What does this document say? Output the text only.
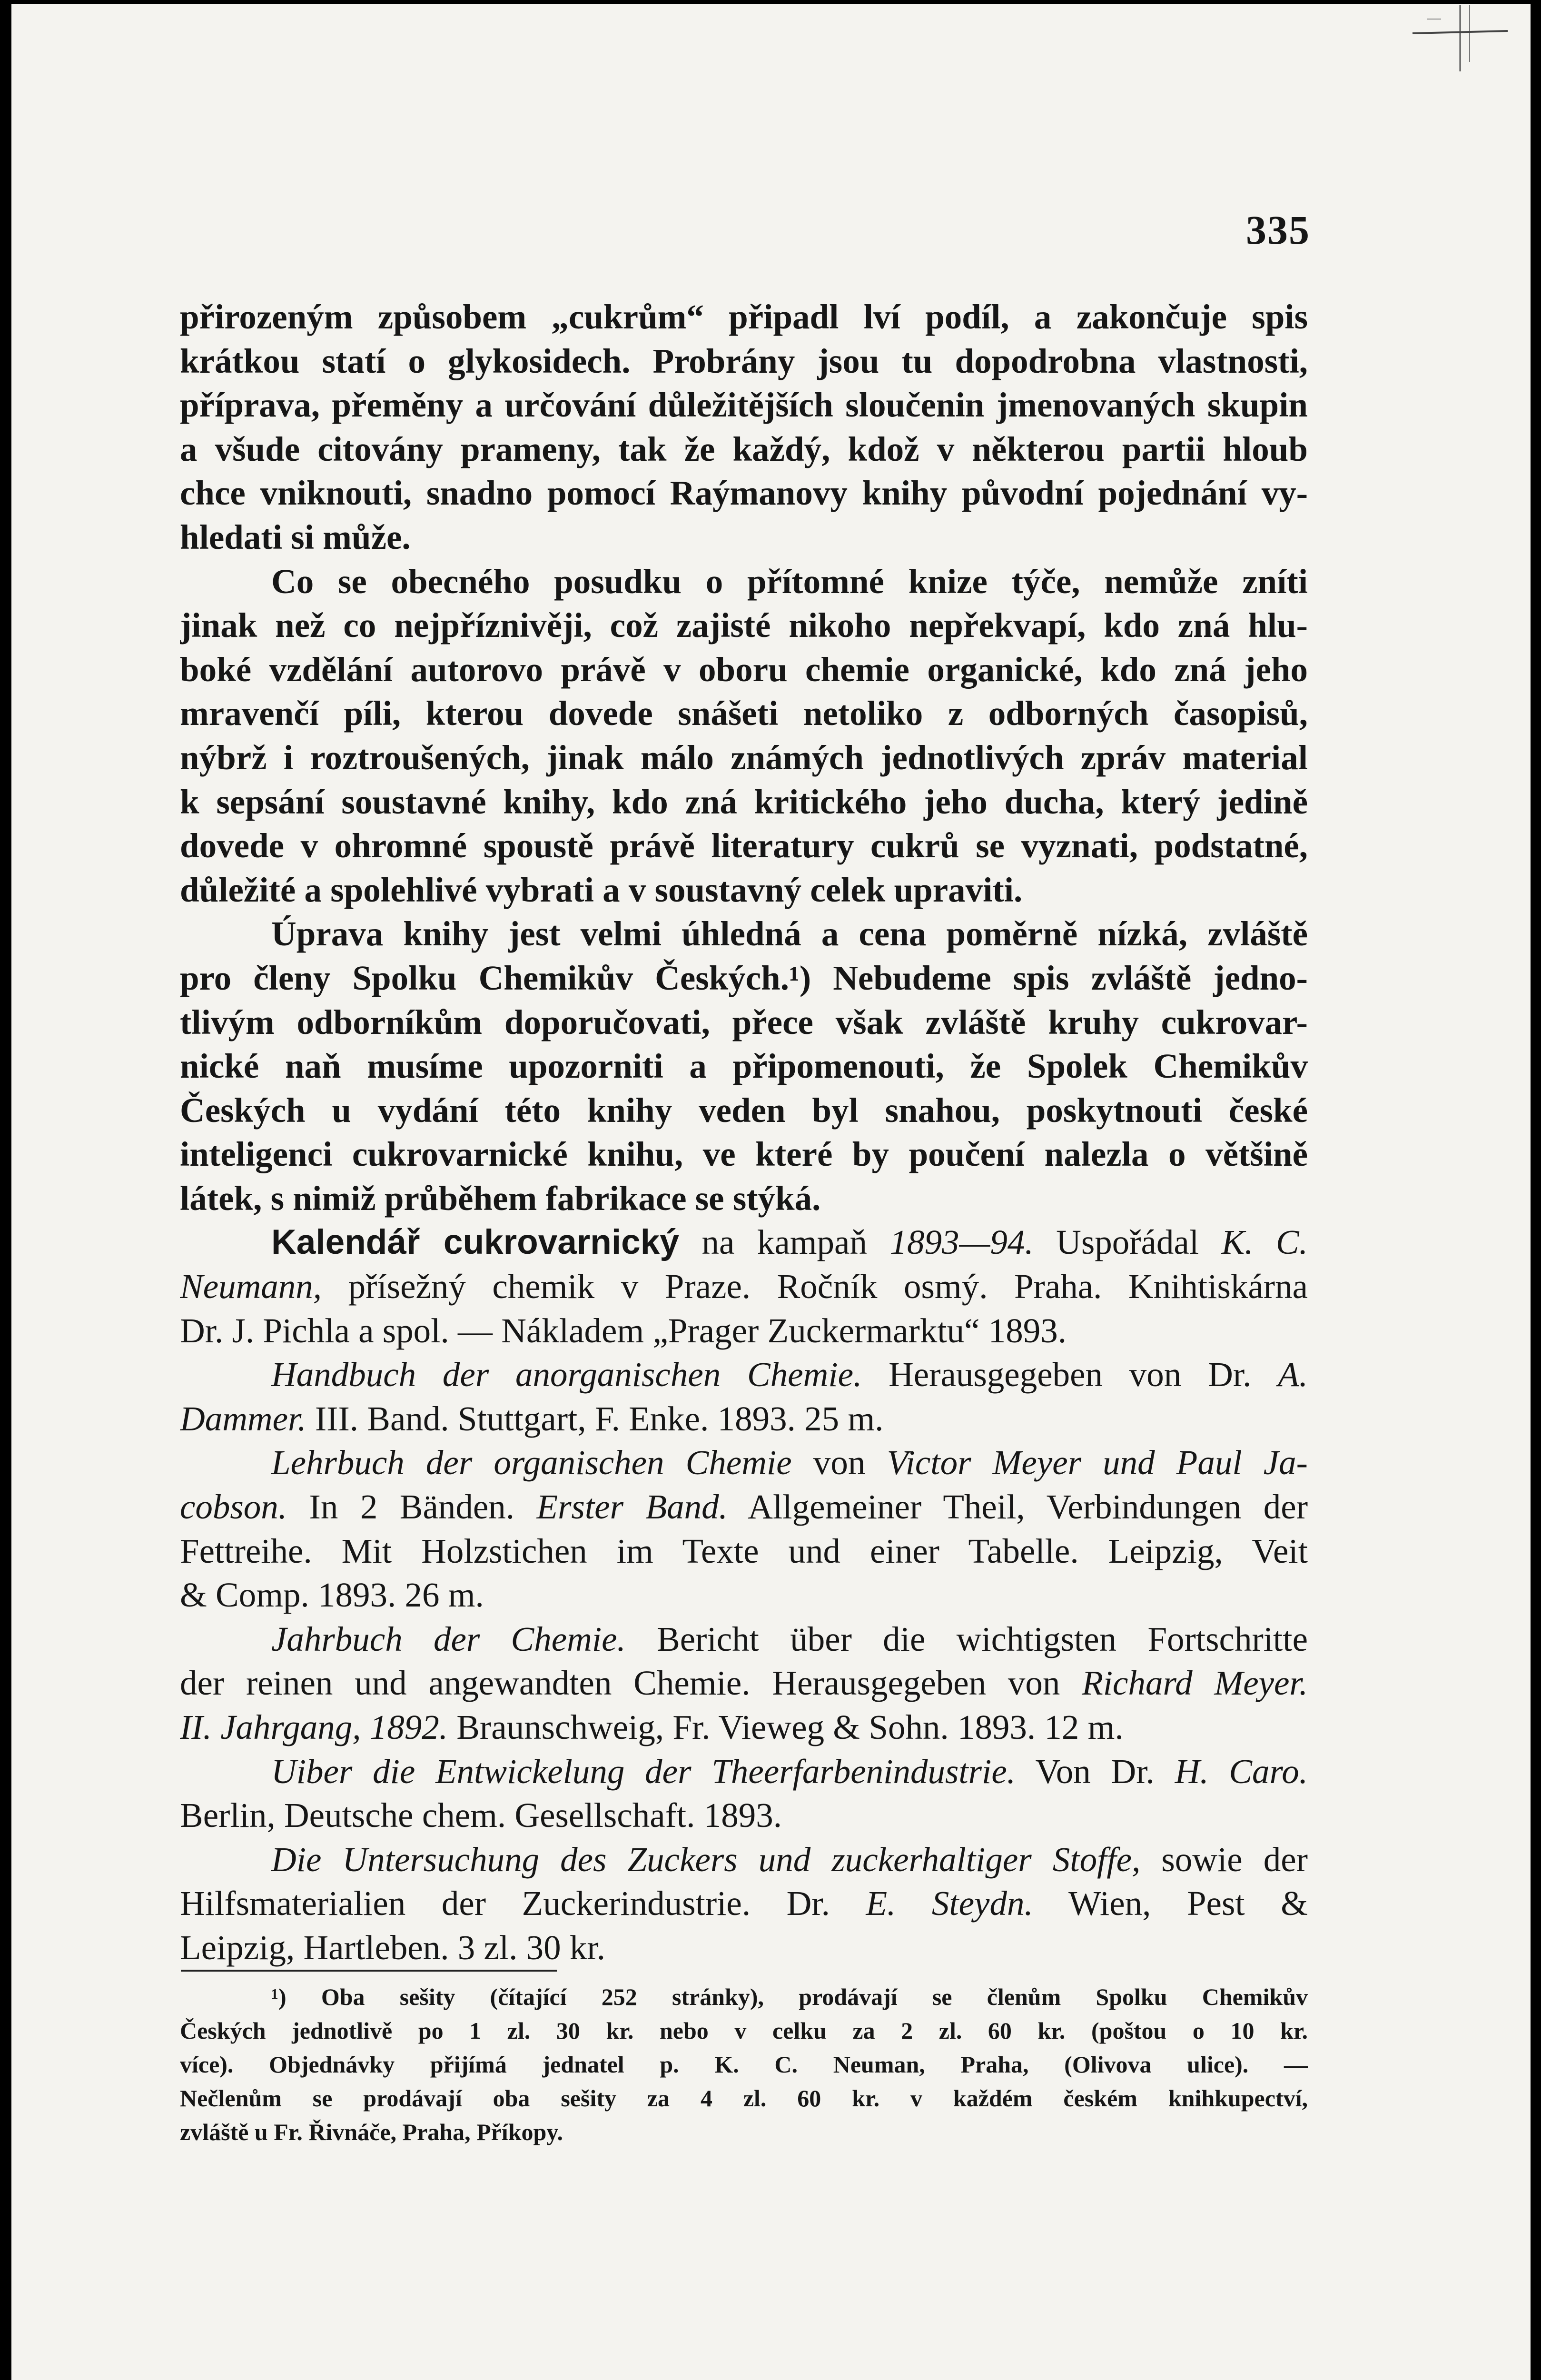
335

přirozeným způsobem „cukrům“ připadl lví podíl, a zakončuje spis

krátkou statí o glykosidech. Probrány jsou tu dopodrobna vlastnosti,

příprava, přeměny a určování důležitějších sloučenin jmenovaných skupin

a všude citovány prameny, tak že každý, kdož v některou partii hloub

chce vniknouti, snadno pomocí Raýmanovy knihy původní pojednání vy-

hledati si může.

Co se obecného posudku o přítomné knize týče, nemůže zníti

jinak než co nejpříznivěji, což zajisté nikoho nepřekvapí, kdo zná hlu-

boké vzdělání autorovo právě v oboru chemie organické, kdo zná jeho

mravenčí píli, kterou dovede snášeti netoliko z odborných časopisů,

nýbrž i roztroušených, jinak málo známých jednotlivých zpráv material

k sepsání soustavné knihy, kdo zná kritického jeho ducha, který jedině

dovede v ohromné spoustě právě literatury cukrů se vyznati, podstatné,

důležité a spolehlivé vybrati a v soustavný celek upraviti.

Úprava knihy jest velmi úhledná a cena poměrně nízká, zvláště

pro členy Spolku Chemikův Českých.¹) Nebudeme spis zvláště jedno-

tlivým odborníkům doporučovati, přece však zvláště kruhy cukrovar-

nické naň musíme upozorniti a připomenouti, že Spolek Chemikův

Českých u vydání této knihy veden byl snahou, poskytnouti české

inteligenci cukrovarnické knihu, ve které by poučení nalezla o většině

látek, s nimiž průběhem fabrikace se stýká.

Kalendář cukrovarnický na kampaň 1893—94. Uspořádal K. C.

Neumann, přísežný chemik v Praze. Ročník osmý. Praha. Knihtiskárna

Dr. J. Pichla a spol. — Nákladem „Prager Zuckermarktu“ 1893.

Handbuch der anorganischen Chemie. Herausgegeben von Dr. A.

Dammer. III. Band. Stuttgart, F. Enke. 1893. 25 m.

Lehrbuch der organischen Chemie von Victor Meyer und Paul Ja-

cobson. In 2 Bänden. Erster Band. Allgemeiner Theil, Verbindungen der

Fettreihe. Mit Holzstichen im Texte und einer Tabelle. Leipzig, Veit

& Comp. 1893. 26 m.

Jahrbuch der Chemie. Bericht über die wichtigsten Fortschritte

der reinen und angewandten Chemie. Herausgegeben von Richard Meyer.

II. Jahrgang, 1892. Braunschweig, Fr. Vieweg & Sohn. 1893. 12 m.

Uiber die Entwickelung der Theerfarbenindustrie. Von Dr. H. Caro.

Berlin, Deutsche chem. Gesellschaft. 1893.

Die Untersuchung des Zuckers und zuckerhaltiger Stoffe, sowie der

Hilfsmaterialien der Zuckerindustrie. Dr. E. Steydn. Wien, Pest &

Leipzig, Hartleben. 3 zl. 30 kr.

¹) Oba sešity (čítající 252 stránky), prodávají se členům Spolku Chemikův

Českých jednotlivě po 1 zl. 30 kr. nebo v celku za 2 zl. 60 kr. (poštou o 10 kr.

více). Objednávky přijímá jednatel p. K. C. Neuman, Praha, (Olivova ulice). —

Nečlenům se prodávají oba sešity za 4 zl. 60 kr. v každém českém knihkupectví,

zvláště u Fr. Řivnáče, Praha, Příkopy.
